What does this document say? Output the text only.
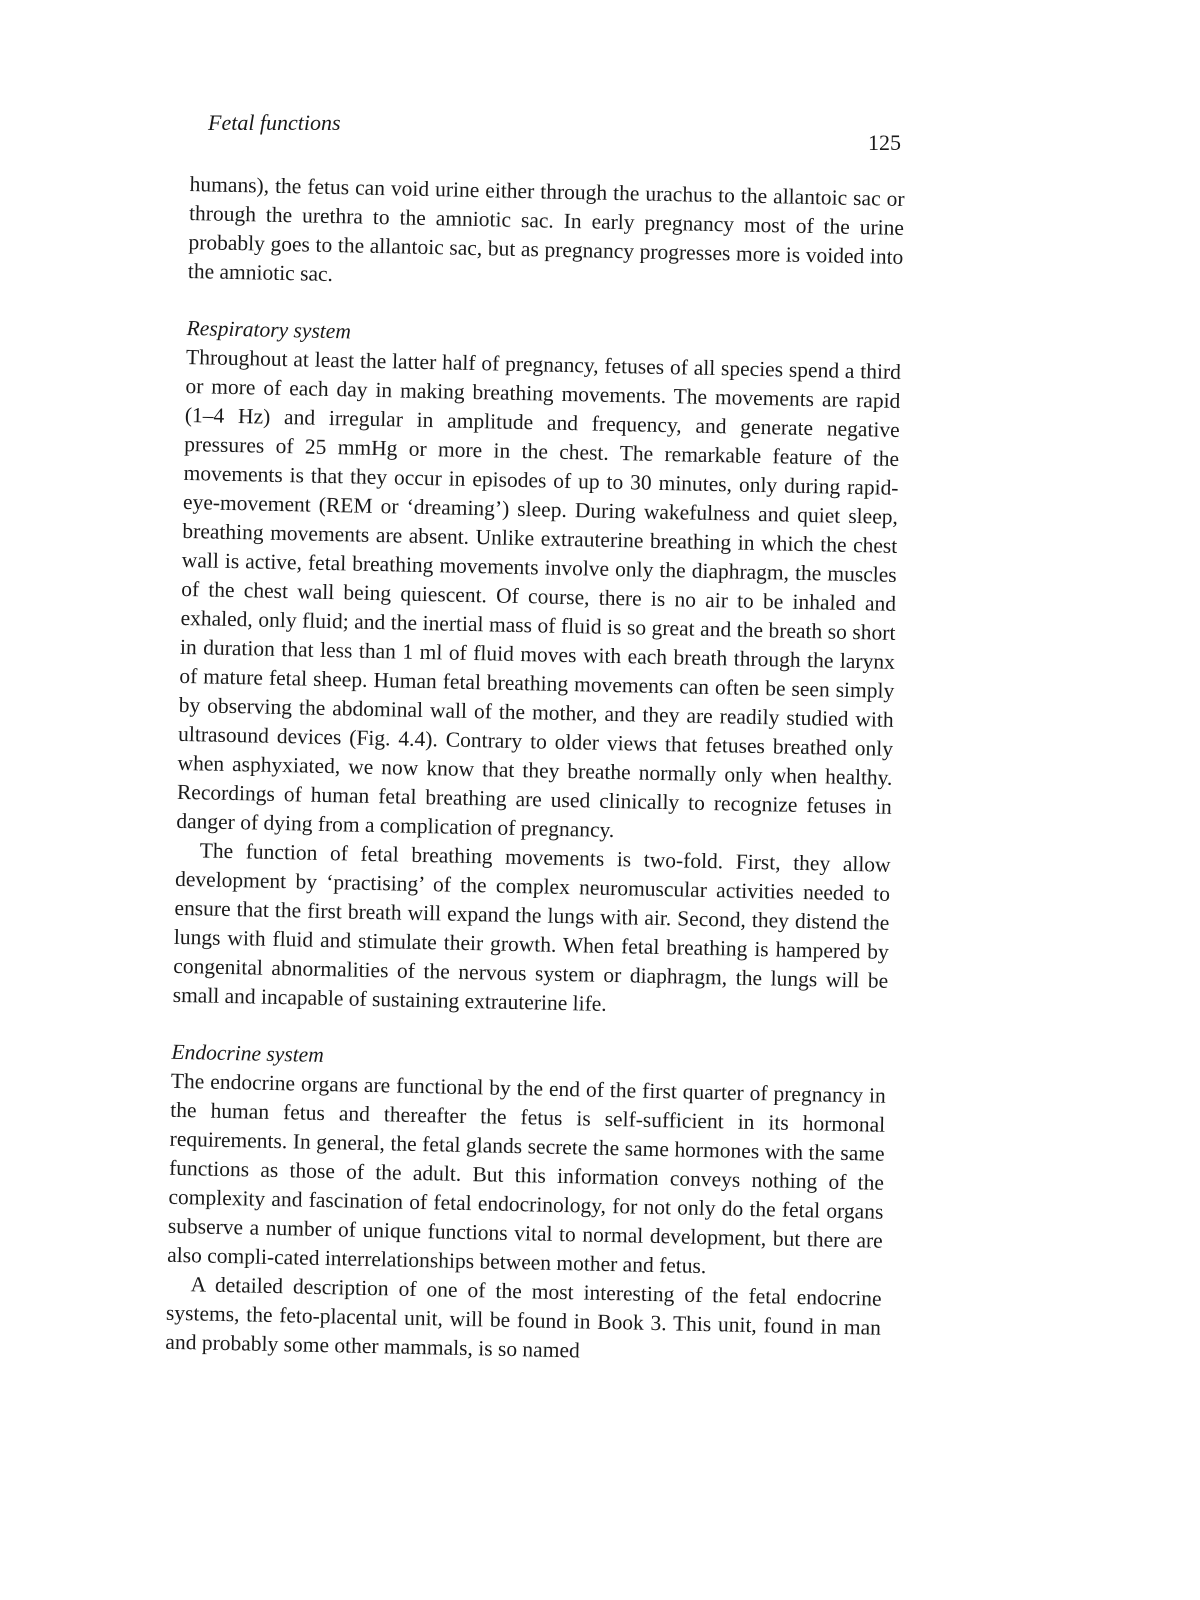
Fetal functions
125

humans), the fetus can void urine either through the urachus to the allantoic sac or through the urethra to the amniotic sac. In early pregnancy most of the urine probably goes to the allantoic sac, but as pregnancy progresses more is voided into the amniotic sac.

Respiratory system

Throughout at least the latter half of pregnancy, fetuses of all species spend a third or more of each day in making breathing movements. The movements are rapid (1–4 Hz) and irregular in amplitude and frequency, and generate negative pressures of 25 mmHg or more in the chest. The remarkable feature of the movements is that they occur in episodes of up to 30 minutes, only during rapid-eye-movement (REM or ‘dreaming’) sleep. During wakefulness and quiet sleep, breathing movements are absent. Unlike extrauterine breathing in which the chest wall is active, fetal breathing movements involve only the diaphragm, the muscles of the chest wall being quiescent. Of course, there is no air to be inhaled and exhaled, only fluid; and the inertial mass of fluid is so great and the breath so short in duration that less than 1 ml of fluid moves with each breath through the larynx of mature fetal sheep. Human fetal breathing movements can often be seen simply by observing the abdominal wall of the mother, and they are readily studied with ultrasound devices (Fig. 4.4). Contrary to older views that fetuses breathed only when asphyxiated, we now know that they breathe normally only when healthy. Recordings of human fetal breathing are used clinically to recognize fetuses in danger of dying from a complication of pregnancy.

The function of fetal breathing movements is two-fold. First, they allow development by ‘practising’ of the complex neuromuscular activities needed to ensure that the first breath will expand the lungs with air. Second, they distend the lungs with fluid and stimulate their growth. When fetal breathing is hampered by congenital abnormalities of the nervous system or diaphragm, the lungs will be small and incapable of sustaining extrauterine life.

Endocrine system

The endocrine organs are functional by the end of the first quarter of pregnancy in the human fetus and thereafter the fetus is self-sufficient in its hormonal requirements. In general, the fetal glands secrete the same hormones with the same functions as those of the adult. But this information conveys nothing of the complexity and fascination of fetal endocrinology, for not only do the fetal organs subserve a number of unique functions vital to normal development, but there are also compli-cated interrelationships between mother and fetus.

A detailed description of one of the most interesting of the fetal endocrine systems, the feto-placental unit, will be found in Book 3. This unit, found in man and probably some other mammals, is so named
